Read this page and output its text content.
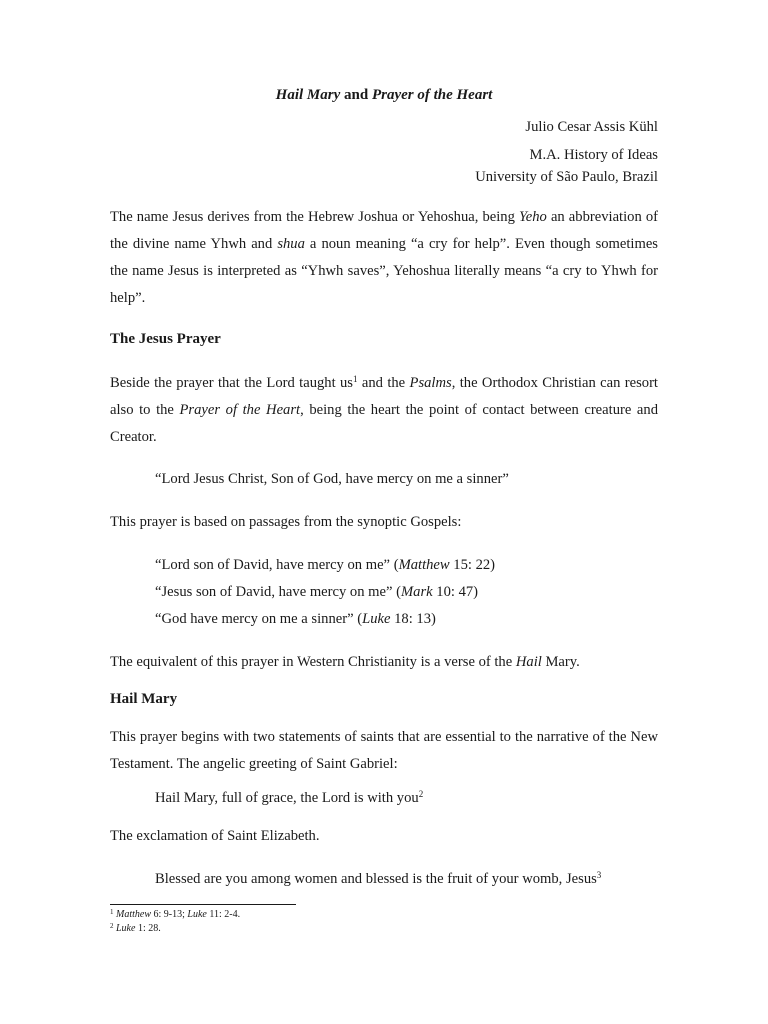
Hail Mary and Prayer of the Heart
Julio Cesar Assis Kühl
M.A. History of Ideas
University of São Paulo, Brazil
The name Jesus derives from the Hebrew Joshua or Yehoshua, being Yeho an abbreviation of the divine name Yhwh and shua a noun meaning “a cry for help”. Even though sometimes the name Jesus is interpreted as “Yhwh saves”, Yehoshua literally means “a cry to Yhwh for help”.
The Jesus Prayer
Beside the prayer that the Lord taught $us^1$ and the Psalms, the Orthodox Christian can resort also to the Prayer of the Heart, being the heart the point of contact between creature and Creator.
“Lord Jesus Christ, Son of God, have mercy on me a sinner”
This prayer is based on passages from the synoptic Gospels:
“Lord son of David, have mercy on me” (Matthew 15: 22)
“Jesus son of David, have mercy on me” (Mark 10: 47)
“God have mercy on me a sinner” (Luke 18: 13)
The equivalent of this prayer in Western Christianity is a verse of the Hail Mary.
Hail Mary
This prayer begins with two statements of saints that are essential to the narrative of the New Testament. The angelic greeting of Saint Gabriel:
Hail Mary, full of grace, the Lord is with you$^2$
The exclamation of Saint Elizabeth.
Blessed are you among women and blessed is the fruit of your womb, Jesus$^3$
$^1$ Matthew 6: 9-13; Luke 11: 2-4.
$^2$ Luke 1: 28.
